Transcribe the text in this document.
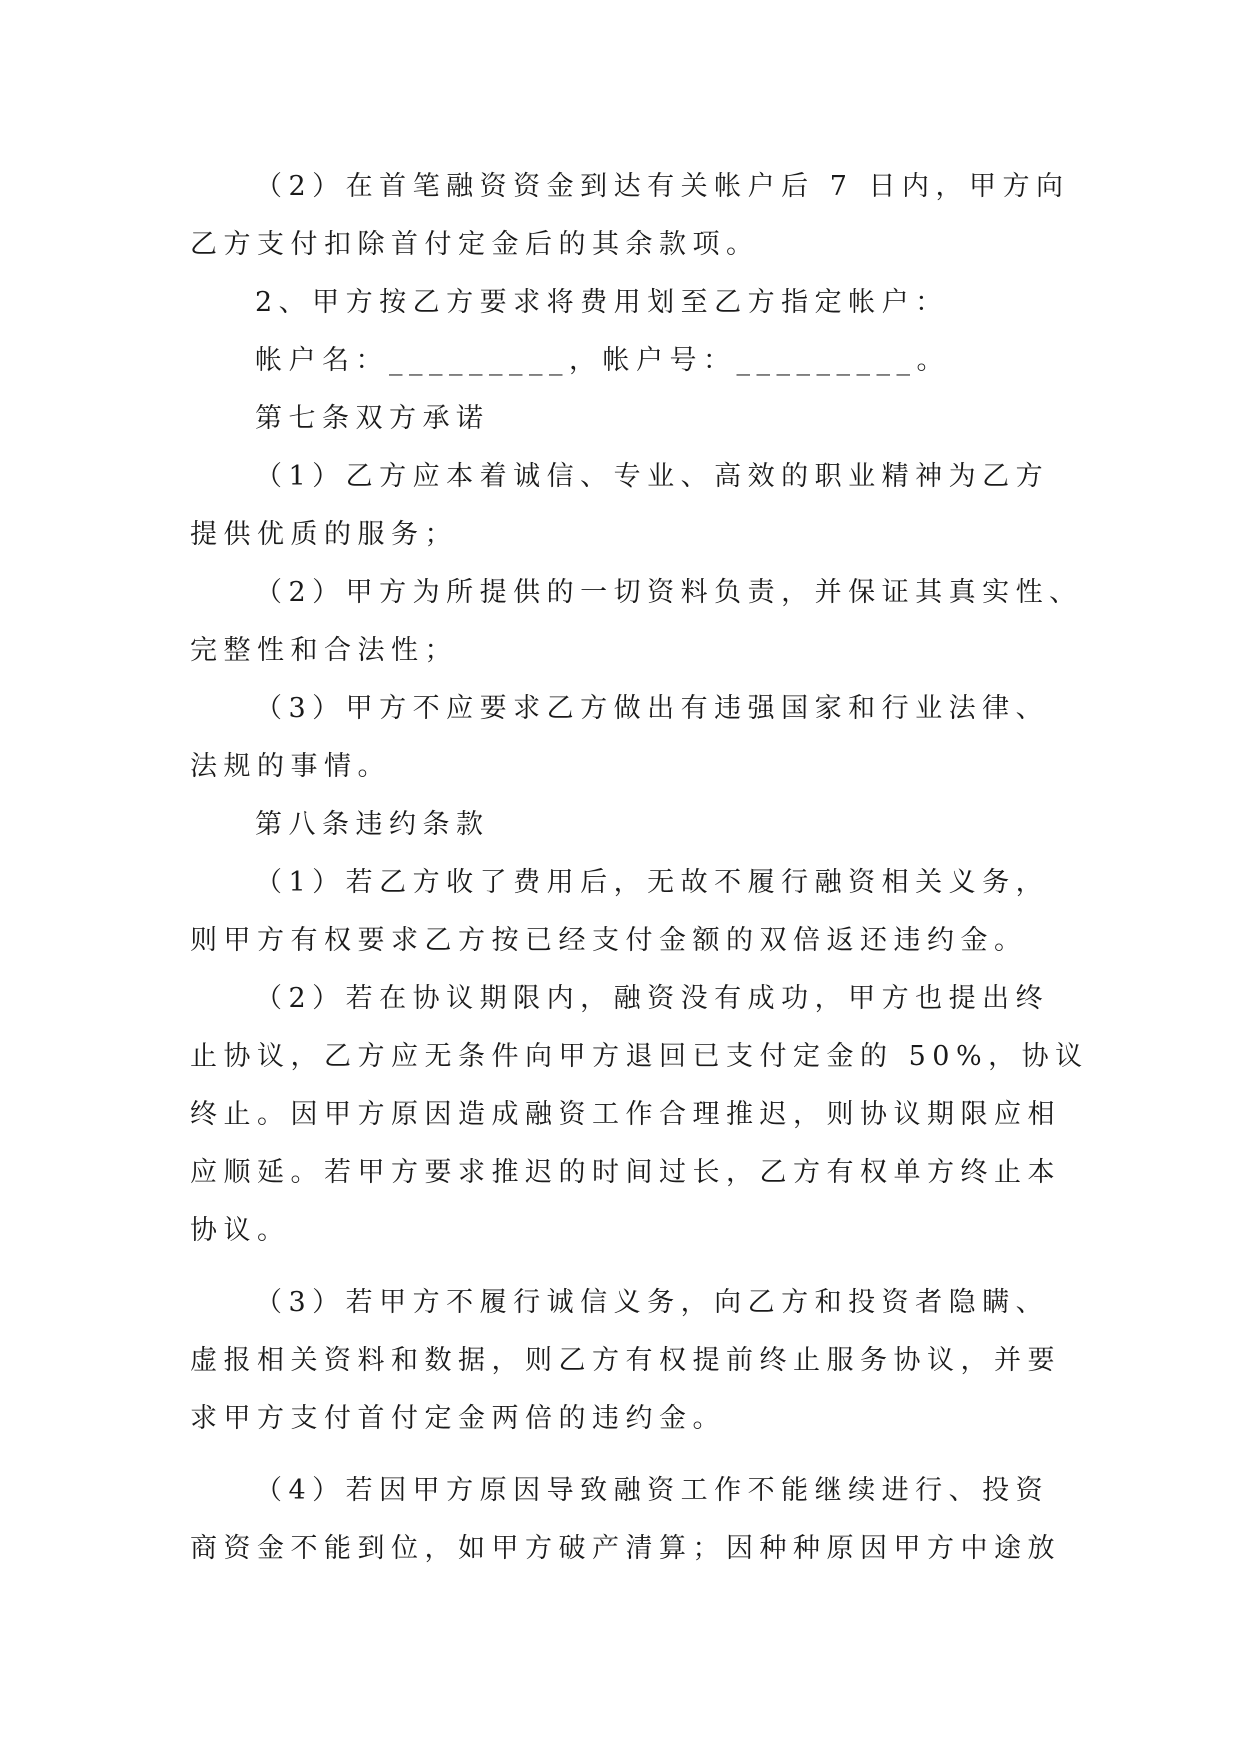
（2）在首笔融资资金到达有关帐户后 7 日内，甲方向
乙方支付扣除首付定金后的其余款项。
2、甲方按乙方要求将费用划至乙方指定帐户：
帐户名：_________，帐户号：_________。
第七条双方承诺
（1）乙方应本着诚信、专业、高效的职业精神为乙方
提供优质的服务；
（2）甲方为所提供的一切资料负责，并保证其真实性、
完整性和合法性；
（3）甲方不应要求乙方做出有违强国家和行业法律、
法规的事情。
第八条违约条款
（1）若乙方收了费用后，无故不履行融资相关义务，
则甲方有权要求乙方按已经支付金额的双倍返还违约金。
（2）若在协议期限内，融资没有成功，甲方也提出终
止协议，乙方应无条件向甲方退回已支付定金的 50%，协议
终止。因甲方原因造成融资工作合理推迟，则协议期限应相
应顺延。若甲方要求推迟的时间过长，乙方有权单方终止本
协议。
（3）若甲方不履行诚信义务，向乙方和投资者隐瞒、
虚报相关资料和数据，则乙方有权提前终止服务协议，并要
求甲方支付首付定金两倍的违约金。
（4）若因甲方原因导致融资工作不能继续进行、投资
商资金不能到位，如甲方破产清算；因种种原因甲方中途放
